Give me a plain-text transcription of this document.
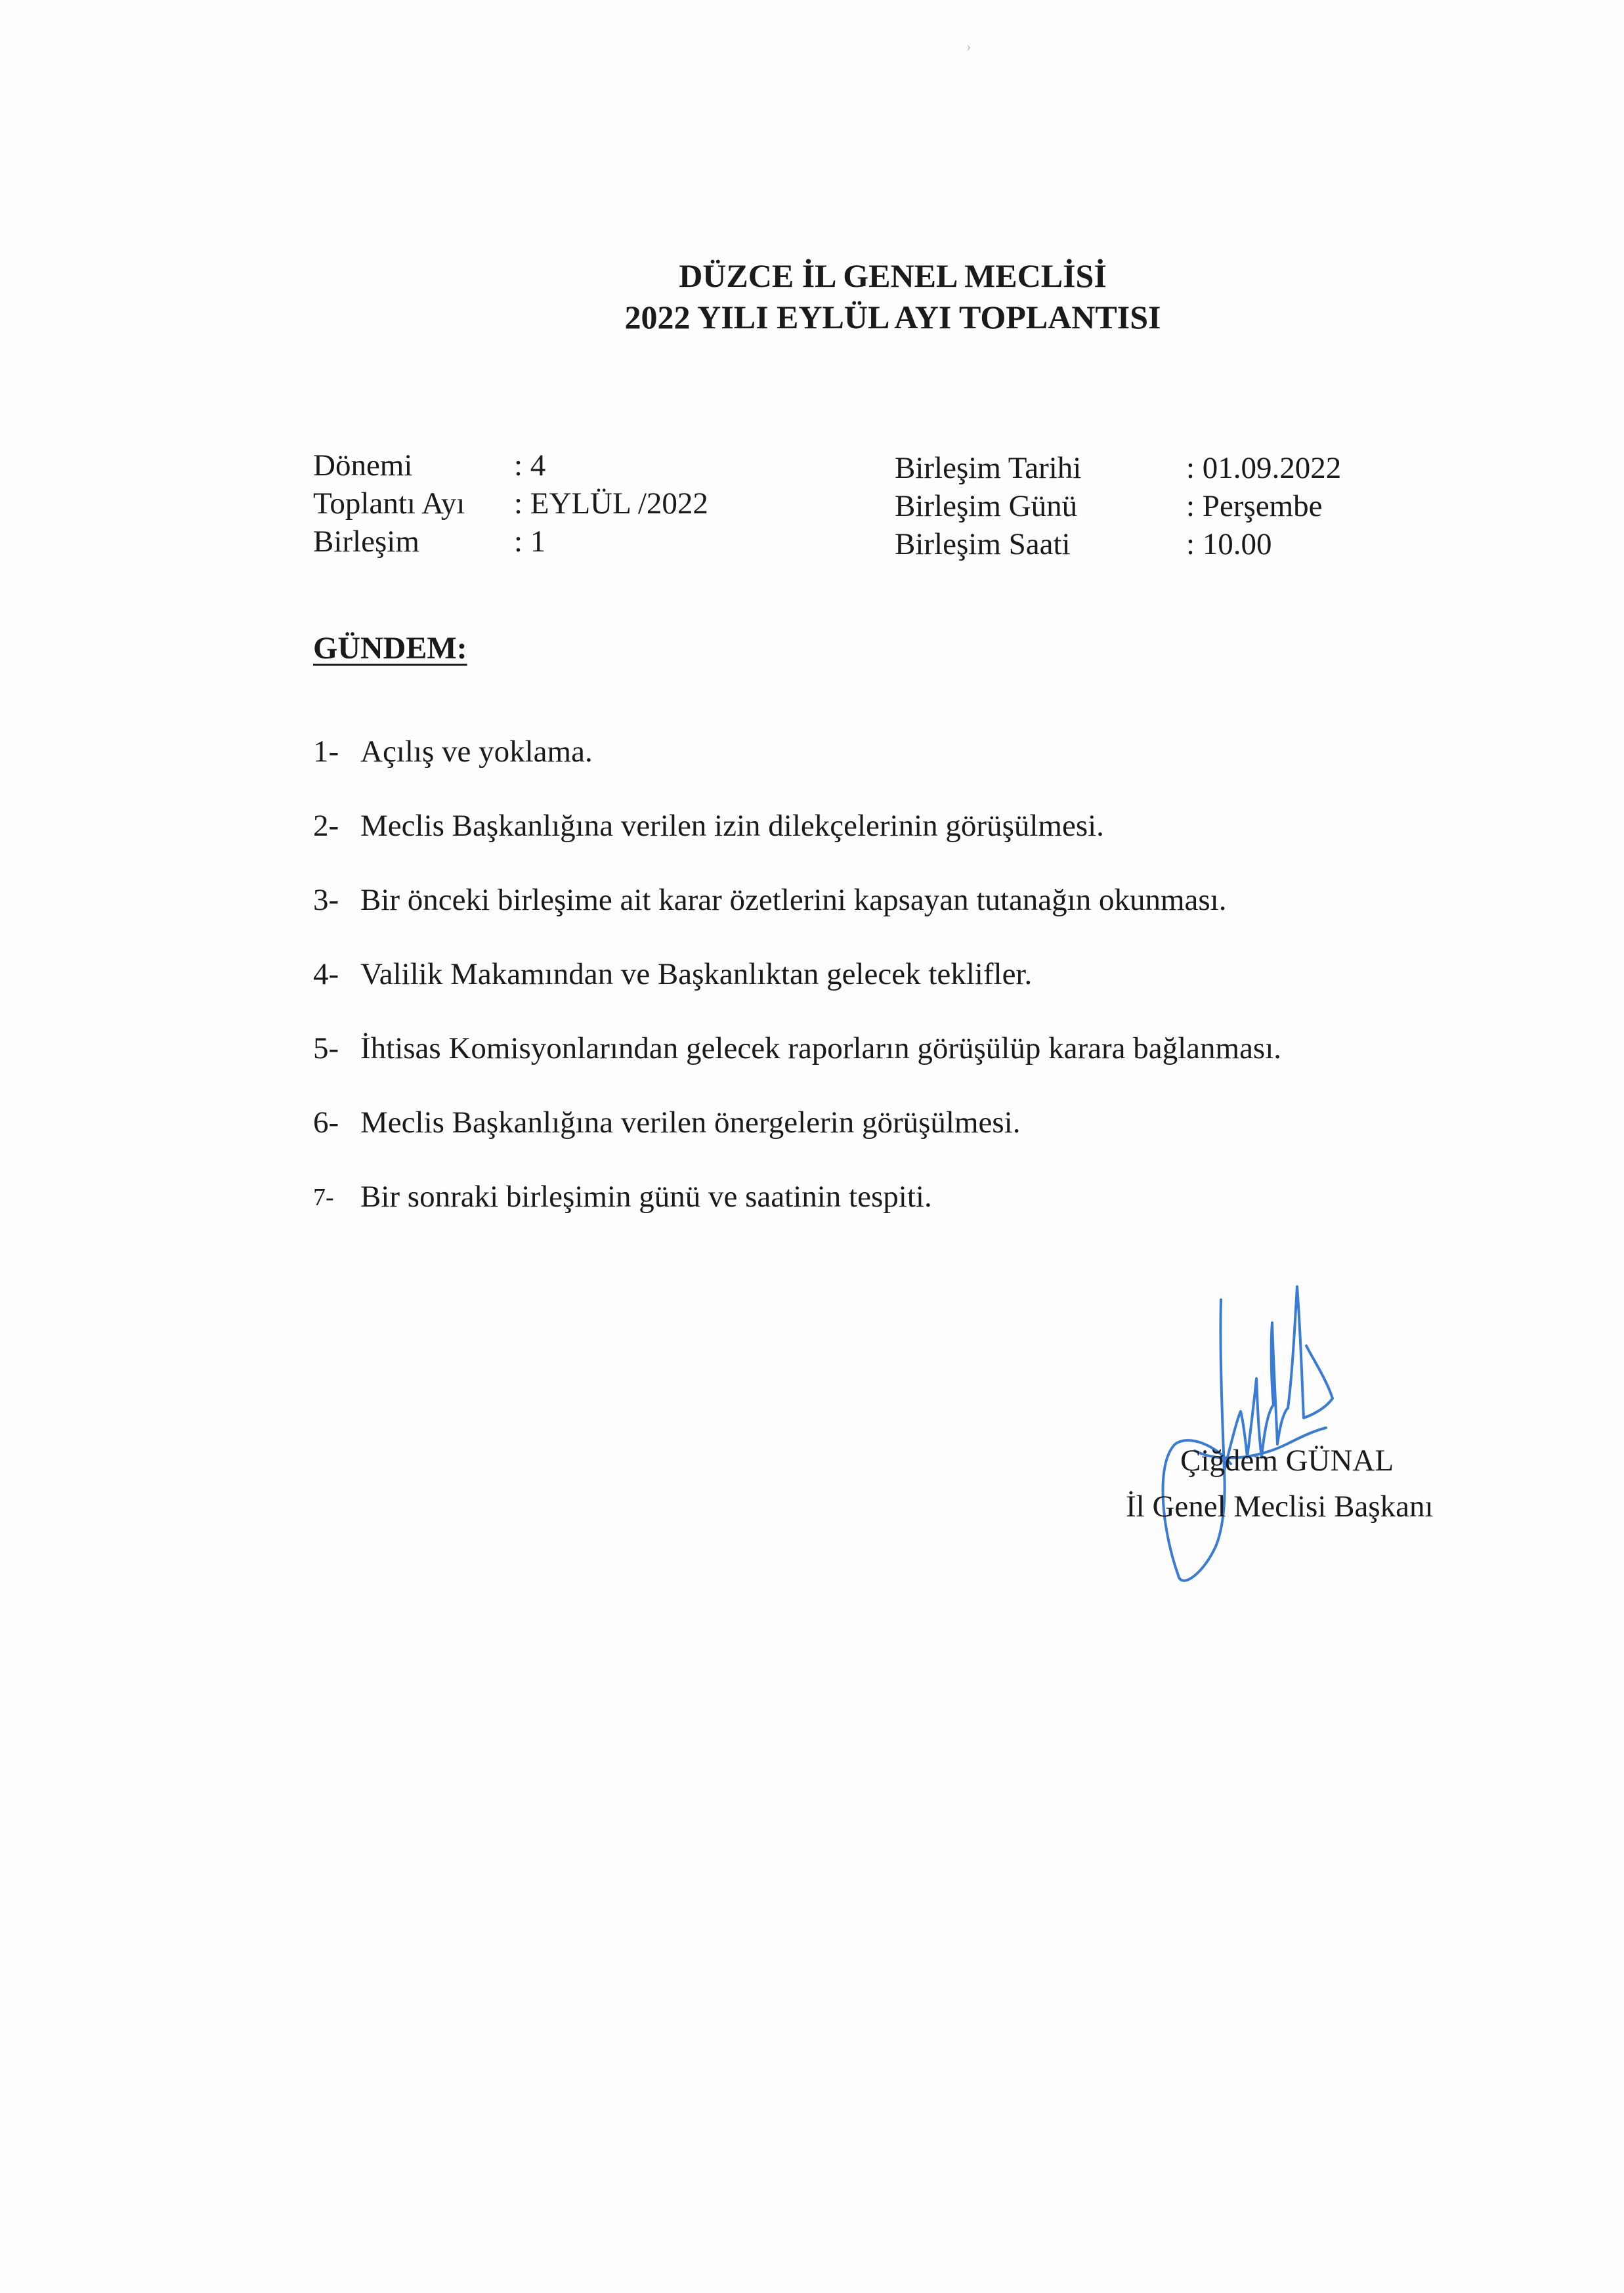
›
DÜZCE İL GENEL MECLİSİ
2022 YILI EYLÜL AYI TOPLANTISI
Dönemi	: 4
Toplantı Ayı : EYLÜL /2022
Birleşim	: 1
Birleşim Tarihi	: 01.09.2022
Birleşim Günü	: Perşembe
Birleşim Saati	: 10.00
GÜNDEM:
1- Açılış ve yoklama.
2- Meclis Başkanlığına verilen izin dilekçelerinin görüşülmesi.
3- Bir önceki birleşime ait karar özetlerini kapsayan tutanağın okunması.
4- Valilik Makamından ve Başkanlıktan gelecek teklifler.
5- İhtisas Komisyonlarından gelecek raporların görüşülüp karara bağlanması.
6- Meclis Başkanlığına verilen önergelerin görüşülmesi.
7- Bir sonraki birleşimin günü ve saatinin tespiti.
Çiğdem GÜNAL
İl Genel Meclisi Başkanı
